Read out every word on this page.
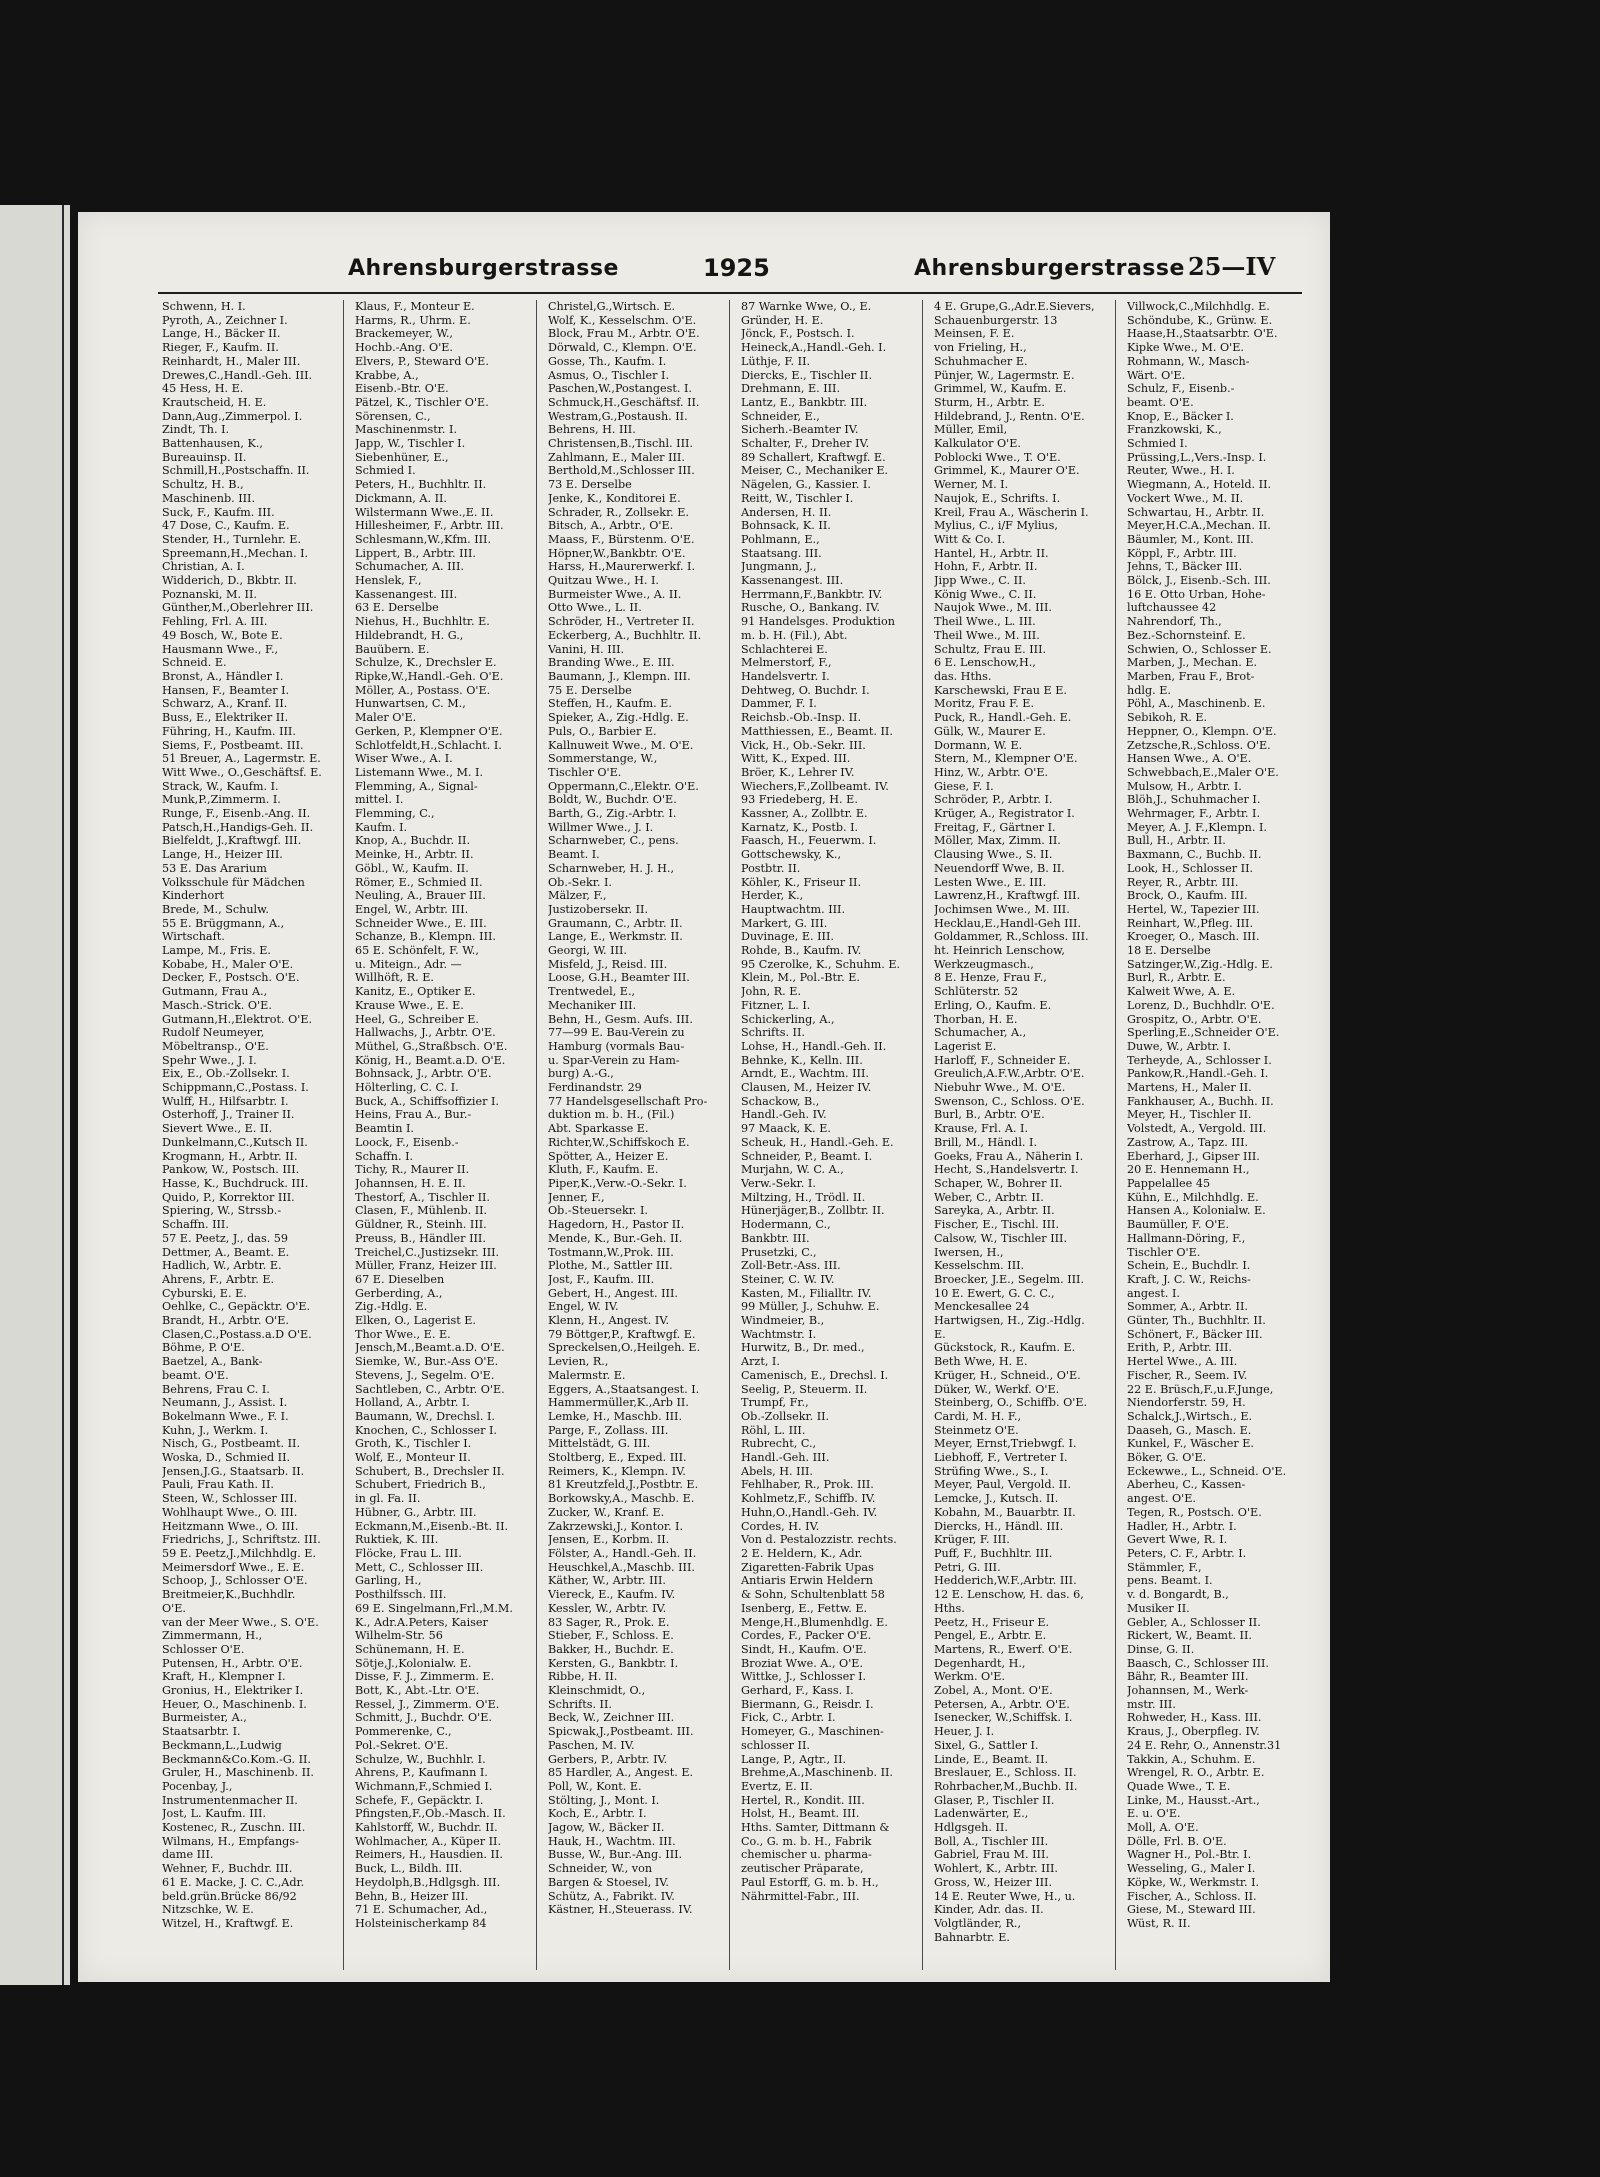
Ahrensburgerstrasse	1925	Ahrensburgerstrasse 25—IV
Schwenn, H. I.
Pyroth, A., Zeichner I.
Lange, H., Bäcker II.
Rieger, F., Kaufm. II.
Reinhardt, H., Maler III.
Drewes,C.,Handl.-Geh. III.
45 Hess, H. E.
Krautscheid, H. E.
Dann,Aug.,Zimmerpol. I.
Zindt, Th. I.
Battenhausen, K.,
Bureauinsp. II.
Schmill,H.,Postschaffn. II.
Schultz, H. B.,
Maschinenb. III.
Suck, F., Kaufm. III.
47 Dose, C., Kaufm. E.
Stender, H., Turnlehr. E.
Spreemann,H.,Mechan. I.
Christian, A. I.
Widderich, D., Bkbtr. II.
Poznanski, M. II.
Günther,M.,Oberlehrer III.
Fehling, Frl. A. III.
49 Bosch, W., Bote E.
Hausmann Wwe., F.,
Schneid. E.
Bronst, A., Händler I.
Hansen, F., Beamter I.
Schwarz, A., Kranf. II.
Buss, E., Elektriker II.
Führing, H., Kaufm. III.
Siems, F., Postbeamt. III.
51 Breuer, A., Lagermstr. E.
Witt Wwe., O.,Geschäftsf. E.
Strack, W., Kaufm. I.
Munk,P.,Zimmerm. I.
Runge, F., Eisenb.-Ang. II.
Patsch,H.,Handigs-Geh. II.
Bielfeldt, J.,Kraftwgf. III.
Lange, H., Heizer III.
53 E. Das Ararium
Volksschule für Mädchen
Kinderhort
Brede, M., Schulw.
55 E. Brüggmann, A.,
Wirtschaft.
Lampe, M., Fris. E.
Kobabe, H., Maler O'E.
Decker, F., Postsch. O'E.
Gutmann, Frau A.,
Masch.-Strick. O'E.
Gutmann,H.,Elektrot. O'E.
Rudolf Neumeyer,
Möbeltransp., O'E.
Spehr Wwe., J. I.
Eix, E., Ob.-Zollsekr. I.
Schippmann,C.,Postass. I.
Wulff, H., Hilfsarbtr. I.
Osterhoff, J., Trainer II.
Sievert Wwe., E. II.
Dunkelmann,C.,Kutsch II.
Krogmann, H., Arbtr. II.
Pankow, W., Postsch. III.
Hasse, K., Buchdruck. III.
Quido, P., Korrektor III.
Spiering, W., Strssb.-
Schaffn. III.
57 E. Peetz, J., das. 59
Dettmer, A., Beamt. E.
Hadlich, W., Arbtr. E.
Ahrens, F., Arbtr. E.
Cyburski, E. E.
Oehlke, C., Gepäcktr. O'E.
Brandt, H., Arbtr. O'E.
Clasen,C.,Postass.a.D O'E.
Böhme, P. O'E.
Baetzel, A., Bank-
beamt. O'E.
Behrens, Frau C. I.
Neumann, J., Assist. I.
Bokelmann Wwe., F. I.
Kuhn, J., Werkm. I.
Nisch, G., Postbeamt. II.
Woska, D., Schmied II.
Jensen,J.G., Staatsarb. II.
Pauli, Frau Kath. II.
Steen, W., Schlosser III.
Wohlhaupt Wwe., O. III.
Heitzmann Wwe., O. III.
Friedrichs, J., Schriftstz. III.
59 E. Peetz,J.,Milchhdlg. E.
Meimersdorf Wwe., E. E.
Schoop, J., Schlosser O'E.
Breitmeier,K.,Buchhdlr.
O'E.
van der Meer Wwe., S. O'E.
Zimmermann, H.,
Schlosser O'E.
Putensen, H., Arbtr. O'E.
Kraft, H., Klempner I.
Gronius, H., Elektriker I.
Heuer, O., Maschinenb. I.
Burmeister, A.,
Staatsarbtr. I.
Beckmann,L.,Ludwig
Beckmann&Co.Kom.-G. II.
Gruler, H., Maschinenb. II.
Pocenbay, J.,
Instrumentenmacher II.
Jost, L. Kaufm. III.
Kostenec, R., Zuschn. III.
Wilmans, H., Empfangs-
dame III.
Wehner, F., Buchdr. III.
61 E. Macke, J. C. C.,Adr.
beld.grün.Brücke 86/92
Nitzschke, W. E.
Witzel, H., Kraftwgf. E.
Klaus, F., Monteur E.
Harms, R., Uhrm. E.
Brackemeyer, W.,
Hochb.-Ang. O'E.
Elvers, P., Steward O'E.
Krabbe, A.,
Eisenb.-Btr. O'E.
Pätzel, K., Tischler O'E.
Sörensen, C.,
Maschinenmstr. I.
Japp, W., Tischler I.
Siebenhüner, E.,
Schmied I.
Peters, H., Buchhltr. II.
Dickmann, A. II.
Wilstermann Wwe.,E. II.
Hillesheimer, F., Arbtr. III.
Schlesmann,W.,Kfm. III.
Lippert, B., Arbtr. III.
Schumacher, A. III.
Henslek, F.,
Kassenangest. III.
63 E. Derselbe
Niehus, H., Buchhltr. E.
Hildebrandt, H. G.,
Bauübern. E.
Schulze, K., Drechsler E.
Ripke,W.,Handl.-Geh. O'E.
Möller, A., Postass. O'E.
Hunwartsen, C. M.,
Maler O'E.
Gerken, P., Klempner O'E.
Schlotfeldt,H.,Schlacht. I.
Wiser Wwe., A. I.
Listemann Wwe., M. I.
Flemming, A., Signal-
mittel. I.
Flemming, C.,
Kaufm. I.
Knop, A., Buchdr. II.
Meinke, H., Arbtr. II.
Göbl., W., Kaufm. II.
Römer, E., Schmied II.
Neuling, A., Brauer III.
Engel, W., Arbtr. III.
Schneider Wwe., E. III.
Schanze, B., Klempn. III.
65 E. Schönfelt, F. W.,
u. Miteign., Adr. —
Willhöft, R. E.
Kanitz, E., Optiker E.
Krause Wwe., E. E.
Heel, G., Schreiber E.
Hallwachs, J., Arbtr. O'E.
Müthel, G.,Straßbsch. O'E.
König, H., Beamt.a.D. O'E.
Bohnsack, J., Arbtr. O'E.
Hölterling, C. C. I.
Buck, A., Schiffsoffizier I.
Heins, Frau A., Bur.-
Beamtin I.
Loock, F., Eisenb.-
Schaffn. I.
Tichy, R., Maurer II.
Johannsen, H. E. II.
Thestorf, A., Tischler II.
Clasen, F., Mühlenb. II.
Güldner, R., Steinh. III.
Preuss, B., Händler III.
Treichel,C.,Justizsekr. III.
Müller, Franz, Heizer III.
67 E. Dieselben
Gerberding, A.,
Zig.-Hdlg. E.
Elken, O., Lagerist E.
Thor Wwe., E. E.
Jensch,M.,Beamt.a.D. O'E.
Siemke, W., Bur.-Ass O'E.
Stevens, J., Segelm. O'E.
Sachtleben, C., Arbtr. O'E.
Holland, A., Arbtr. I.
Baumann, W., Drechsl. I.
Knochen, C., Schlosser I.
Groth, K., Tischler I.
Wolf, E., Monteur II.
Schubert, B., Drechsler II.
Schubert, Friedrich B.,
in gl. Fa. II.
Hübner, G., Arbtr. III.
Eckmann,M.,Eisenb.-Bt. II.
Ruktiek, K. III.
Flöcke, Frau L. III.
Mett, C., Schlosser III.
Garling, H.,
Posthilfssch. III.
69 E. Singelmann,Frl.,M.M.
K., Adr.A.Peters, Kaiser
Wilhelm-Str. 56
Schünemann, H. E.
Sötje,J.,Kolonialw. E.
Disse, F. J., Zimmerm. E.
Bott, K., Abt.-Ltr. O'E.
Ressel, J., Zimmerm. O'E.
Schmitt, J., Buchdr. O'E.
Pommerenke, C.,
Pol.-Sekret. O'E.
Schulze, W., Buchhlr. I.
Ahrens, P., Kaufmann I.
Wichmann,F.,Schmied I.
Schefe, F., Gepäcktr. I.
Pfingsten,F.,Ob.-Masch. II.
Kahlstorff, W., Buchdr. II.
Wohlmacher, A., Küper II.
Reimers, H., Hausdien. II.
Buck, L., Bildh. III.
Heydolph,B.,Hdlgsgh. III.
Behn, B., Heizer III.
71 E. Schumacher, Ad.,
Holsteinischerkamp 84
Christel,G.,Wirtsch. E.
Wolf, K., Kesselschm. O'E.
Block, Frau M., Arbtr. O'E.
Dörwald, C., Klempn. O'E.
Gosse, Th., Kaufm. I.
Asmus, O., Tischler I.
Paschen,W.,Postangest. I.
Schmuck,H.,Geschäftsf. II.
Westram,G.,Postaush. II.
Behrens, H. III.
Christensen,B.,Tischl. III.
Zahlmann, E., Maler III.
Berthold,M.,Schlosser III.
73 E. Derselbe
Jenke, K., Konditorei E.
Schrader, R., Zollsekr. E.
Bitsch, A., Arbtr., O'E.
Maass, F., Bürstenm. O'E.
Höpner,W.,Bankbtr. O'E.
Harss, H.,Maurerwerkf. I.
Quitzau Wwe., H. I.
Burmeister Wwe., A. II.
Otto Wwe., L. II.
Schröder, H., Vertreter II.
Eckerberg, A., Buchhltr. II.
Vanini, H. III.
Branding Wwe., E. III.
Baumann, J., Klempn. III.
75 E. Derselbe
Steffen, H., Kaufm. E.
Spieker, A., Zig.-Hdlg. E.
Puls, O., Barbier E.
Kallnuweit Wwe., M. O'E.
Sommerstange, W.,
Tischler O'E.
Oppermann,C.,Elektr. O'E.
Boldt, W., Buchdr. O'E.
Barth, G., Zig.-Arbtr. I.
Willmer Wwe., J. I.
Scharnweber, C., pens.
Beamt. I.
Scharnweber, H. J. H.,
Ob.-Sekr. I.
Mälzer, F.,
Justizobersekr. II.
Graumann, C., Arbtr. II.
Lange, E., Werkmstr. II.
Georgi, W. III.
Misfeld, J., Reisd. III.
Loose, G.H., Beamter III.
Trentwedel, E.,
Mechaniker III.
Behn, H., Gesm. Aufs. III.
77—99 E. Bau-Verein zu
Hamburg (vormals Bau-
u. Spar-Verein zu Ham-
burg) A.-G.,
Ferdinandstr. 29
77 Handelsgesellschaft Pro-
duktion m. b. H., (Fil.)
Abt. Sparkasse E.
Richter,W.,Schiffskoch E.
Spötter, A., Heizer E.
Kluth, F., Kaufm. E.
Piper,K.,Verw.-O.-Sekr. I.
Jenner, F.,
Ob.-Steuersekr. I.
Hagedorn, H., Pastor II.
Mende, K., Bur.-Geh. II.
Tostmann,W.,Prok. III.
Plothe, M., Sattler III.
Jost, F., Kaufm. III.
Gebert, H., Angest. III.
Engel, W. IV.
Klenn, H., Angest. IV.
79 Böttger,P., Kraftwgf. E.
Spreckelsen,O.,Heilgeh. E.
Levien, R.,
Malermstr. E.
Eggers, A.,Staatsangest. I.
Hammermüller,K.,Arb II.
Lemke, H., Maschb. III.
Parge, F., Zollass. III.
Mittelstädt, G. III.
Stoltberg, E., Exped. III.
Reimers, K., Klempn. IV.
81 Kreutzfeld,J.,Postbtr. E.
Borkowsky,A., Maschb. E.
Zucker, W., Kranf. E.
Zakrzewski,J., Kontor. I.
Jensen, E., Korbm. II.
Fölster, A., Handl.-Geh. II.
Heuschkel,A.,Maschb. III.
Käther, W., Arbtr. III.
Viereck, E., Kaufm. IV.
Kessler, W., Arbtr. IV.
83 Sager, R., Prok. E.
Stieber, F., Schloss. E.
Bakker, H., Buchdr. E.
Kersten, G., Bankbtr. I.
Ribbe, H. II.
Kleinschmidt, O.,
Schrifts. II.
Beck, W., Zeichner III.
Spicwak,J.,Postbeamt. III.
Paschen, M. IV.
Gerbers, P., Arbtr. IV.
85 Hardler, A., Angest. E.
Poll, W., Kont. E.
Stölting, J., Mont. I.
Koch, E., Arbtr. I.
Jagow, W., Bäcker II.
Hauk, H., Wachtm. III.
Busse, W., Bur.-Ang. III.
Schneider, W., von
Bargen & Stoesel, IV.
Schütz, A., Fabrikt. IV.
Kästner, H.,Steuerass. IV.
87 Warnke Wwe, O., E.
Gründer, H. E.
Jönck, F., Postsch. I.
Heineck,A.,Handl.-Geh. I.
Lüthje, F. II.
Diercks, E., Tischler II.
Drehmann, E. III.
Lantz, E., Bankbtr. III.
Schneider, E.,
Sicherh.-Beamter IV.
Schalter, F., Dreher IV.
89 Schallert, Kraftwgf. E.
Meiser, C., Mechaniker E.
Nägelen, G., Kassier. I.
Reitt, W., Tischler I.
Andersen, H. II.
Bohnsack, K. II.
Pohlmann, E.,
Staatsang. III.
Jungmann, J.,
Kassenangest. III.
Herrmann,F.,Bankbtr. IV.
Rusche, O., Bankang. IV.
91 Handelsges. Produktion
m. b. H. (Fil.), Abt.
Schlachterei E.
Melmerstorf, F.,
Handelsvertr. I.
Dehtweg, O. Buchdr. I.
Dammer, F. I.
Reichsb.-Ob.-Insp. II.
Matthiessen, E., Beamt. II.
Vick, H., Ob.-Sekr. III.
Witt, K., Exped. III.
Bröer, K., Lehrer IV.
Wiechers,F.,Zollbeamt. IV.
93 Friedeberg, H. E.
Kassner, A., Zollbtr. E.
Karnatz, K., Postb. I.
Faasch, H., Feuerwm. I.
Gottschewsky, K.,
Postbtr. II.
Köhler, K., Friseur II.
Herder, K.,
Hauptwachtm. III.
Markert, G. III.
Duvinage, E. III.
Rohde, B., Kaufm. IV.
95 Czerolke, K., Schuhm. E.
Klein, M., Pol.-Btr. E.
John, R. E.
Fitzner, L. I.
Schickerling, A.,
Schrifts. II.
Lohse, H., Handl.-Geh. II.
Behnke, K., Kelln. III.
Arndt, E., Wachtm. III.
Clausen, M., Heizer IV.
Schackow, B.,
Handl.-Geh. IV.
97 Maack, K. E.
Scheuk, H., Handl.-Geh. E.
Schneider, P., Beamt. I.
Murjahn, W. C. A.,
Verw.-Sekr. I.
Miltzing, H., Trödl. II.
Hünerjäger,B., Zollbtr. II.
Hodermann, C.,
Bankbtr. III.
Prusetzki, C.,
Zoll-Betr.-Ass. III.
Steiner, C. W. IV.
Kasten, M., Filialltr. IV.
99 Müller, J., Schuhw. E.
Windmeier, B.,
Wachtmstr. I.
Hurwitz, B., Dr. med.,
Arzt, I.
Camenisch, E., Drechsl. I.
Seelig, P., Steuerm. II.
Trumpf, Fr.,
Ob.-Zollsekr. II.
Röhl, L. III.
Rubrecht, C.,
Handl.-Geh. III.
Abels, H. III.
Fehlhaber, R., Prok. III.
Kohlmetz,F., Schiffb. IV.
Huhn,O.,Handl.-Geh. IV.
Cordes, H. IV.
Von d. Pestalozzistr. rechts.
2 E. Heldern, K., Adr.
Zigaretten-Fabrik Upas
Antiaris Erwin Heldern
& Sohn, Schultenblatt 58
Isenberg, E., Fettw. E.
Menge,H.,Blumenhdlg. E.
Cordes, F., Packer O'E.
Sindt, H., Kaufm. O'E.
Broziat Wwe. A., O'E.
Wittke, J., Schlosser I.
Gerhard, F., Kass. I.
Biermann, G., Reisdr. I.
Fick, C., Arbtr. I.
Homeyer, G., Maschinen-
schlosser II.
Lange, P., Agtr., II.
Brehme,A.,Maschinenb. II.
Evertz, E. II.
Hertel, R., Kondit. III.
Holst, H., Beamt. III.
Hths. Samter, Dittmann &
Co., G. m. b. H., Fabrik
chemischer u. pharma-
zeutischer Präparate,
Paul Estorff, G. m. b. H.,
Nährmittel-Fabr., III.
4 E. Grupe,G.,Adr.E.Sievers,
Schauenburgerstr. 13
Meinsen, F. E.
von Frieling, H.,
Schuhmacher E.
Pünjer, W., Lagermstr. E.
Grimmel, W., Kaufm. E.
Sturm, H., Arbtr. E.
Hildebrand, J., Rentn. O'E.
Müller, Emil,
Kalkulator O'E.
Poblocki Wwe., T. O'E.
Grimmel, K., Maurer O'E.
Werner, M. I.
Naujok, E., Schrifts. I.
Kreil, Frau A., Wäscherin I.
Mylius, C., i/F Mylius,
Witt & Co. I.
Hantel, H., Arbtr. II.
Hohn, F., Arbtr. II.
Jipp Wwe., C. II.
König Wwe., C. II.
Naujok Wwe., M. III.
Theil Wwe., L. III.
Theil Wwe., M. III.
Schultz, Frau E. III.
6 E. Lenschow,H.,
das. Hths.
Karschewski, Frau E E.
Moritz, Frau F. E.
Puck, R., Handl.-Geh. E.
Gülk, W., Maurer E.
Dormann, W. E.
Stern, M., Klempner O'E.
Hinz, W., Arbtr. O'E.
Giese, F. I.
Schröder, P., Arbtr. I.
Krüger, A., Registrator I.
Freitag, F., Gärtner I.
Möller, Max, Zimm. II.
Clausing Wwe., S. II.
Neuendorff Wwe, B. II.
Lesten Wwe., E. III.
Lawrenz,H., Kraftwgf. III.
Jochimsen Wwe., M. III.
Hecklau,E.,Handl-Geh III.
Goldammer, R.,Schloss. III.
ht. Heinrich Lenschow,
Werkzeugmasch.,
8 E. Henze, Frau F.,
Schlüterstr. 52
Erling, O., Kaufm. E.
Thorban, H. E.
Schumacher, A.,
Lagerist E.
Harloff, F., Schneider E.
Greulich,A.F.W.,Arbtr. O'E.
Niebuhr Wwe., M. O'E.
Swenson, C., Schloss. O'E.
Burl, B., Arbtr. O'E.
Krause, Frl. A. I.
Brill, M., Händl. I.
Goeks, Frau A., Näherin I.
Hecht, S.,Handelsvertr. I.
Schaper, W., Bohrer II.
Weber, C., Arbtr. II.
Sareyka, A., Arbtr. II.
Fischer, E., Tischl. III.
Calsow, W., Tischler III.
Iwersen, H.,
Kesselschm. III.
Broecker, J.E., Segelm. III.
10 E. Ewert, G. C. C.,
Menckesallee 24
Hartwigsen, H., Zig.-Hdlg.
E.
Gückstock, R., Kaufm. E.
Beth Wwe, H. E.
Krüger, H., Schneid., O'E.
Düker, W., Werkf. O'E.
Steinberg, O., Schiffb. O'E.
Cardi, M. H. F.,
Steinmetz O'E.
Meyer, Ernst,Triebwgf. I.
Liebhoff, F., Vertreter I.
Strüfing Wwe., S., I.
Meyer, Paul, Vergold. II.
Lemcke, J., Kutsch. II.
Kobahn, M., Bauarbtr. II.
Diercks, H., Händl. III.
Krüger, F. III.
Puff, F., Buchhltr. III.
Petri, G. III.
Hedderich,W.F.,Arbtr. III.
12 E. Lenschow, H. das. 6,
Hths.
Peetz, H., Friseur E.
Pengel, E., Arbtr. E.
Martens, R., Ewerf. O'E.
Degenhardt, H.,
Werkm. O'E.
Zobel, A., Mont. O'E.
Petersen, A., Arbtr. O'E.
Isenecker, W.,Schiffsk. I.
Heuer, J. I.
Sixel, G., Sattler I.
Linde, E., Beamt. II.
Breslauer, E., Schloss. II.
Rohrbacher,M.,Buchb. II.
Glaser, P., Tischler II.
Ladenwärter, E.,
Hdlgsgeh. II.
Boll, A., Tischler III.
Gabriel, Frau M. III.
Wohlert, K., Arbtr. III.
Gross, W., Heizer III.
14 E. Reuter Wwe, H., u.
Kinder, Adr. das. II.
Volgtländer, R.,
Bahnarbtr. E.
Villwock,C.,Milchhdlg. E.
Schöndube, K., Grünw. E.
Haase,H.,Staatsarbtr. O'E.
Kipke Wwe., M. O'E.
Rohmann, W., Masch-
Wärt. O'E.
Schulz, F., Eisenb.-
beamt. O'E.
Knop, E., Bäcker I.
Franzkowski, K.,
Schmied I.
Prüssing,L.,Vers.-Insp. I.
Reuter, Wwe., H. I.
Wiegmann, A., Hoteld. II.
Vockert Wwe., M. II.
Schwartau, H., Arbtr. II.
Meyer,H.C.A.,Mechan. II.
Bäumler, M., Kont. III.
Köppl, F., Arbtr. III.
Jehns, T., Bäcker III.
Bölck, J., Eisenb.-Sch. III.
16 E. Otto Urban, Hohe-
luftchaussee 42
Nahrendorf, Th.,
Bez.-Schornsteinf. E.
Schwien, O., Schlosser E.
Marben, J., Mechan. E.
Marben, Frau F., Brot-
hdlg. E.
Pöhl, A., Maschinenb. E.
Sebikoh, R. E.
Heppner, O., Klempn. O'E.
Zetzsche,R.,Schloss. O'E.
Hansen Wwe., A. O'E.
Schwebbach,E.,Maler O'E.
Mulsow, H., Arbtr. I.
Blöh,J., Schuhmacher I.
Wehrmager, F., Arbtr. I.
Meyer, A. J. F.,Klempn. I.
Bull, H., Arbtr. II.
Baxmann, C., Buchb. II.
Look, H., Schlosser II.
Reyer, R., Arbtr. III.
Brock, O., Kaufm. III.
Hertel, W., Tapezier III.
Reinhart, W.,Pfleg. III.
Kroeger, O., Masch. III.
18 E. Derselbe
Satzinger,W.,Zig.-Hdlg. E.
Burl, R., Arbtr. E.
Kalweit Wwe, A. E.
Lorenz, D., Buchhdlr. O'E.
Grospitz, O., Arbtr. O'E.
Sperling,E.,Schneider O'E.
Duwe, W., Arbtr. I.
Terheyde, A., Schlosser I.
Pankow,R.,Handl.-Geh. I.
Martens, H., Maler II.
Fankhauser, A., Buchh. II.
Meyer, H., Tischler II.
Volstedt, A., Vergold. III.
Zastrow, A., Tapz. III.
Eberhard, J., Gipser III.
20 E. Hennemann H.,
Pappelallee 45
Kühn, E., Milchhdlg. E.
Hansen A., Kolonialw. E.
Baumüller, F. O'E.
Hallmann-Döring, F.,
Tischler O'E.
Schein, E., Buchdlr. I.
Kraft, J. C. W., Reichs-
angest. I.
Sommer, A., Arbtr. II.
Günter, Th., Buchhltr. II.
Schönert, F., Bäcker III.
Erith, P., Arbtr. III.
Hertel Wwe., A. III.
Fischer, R., Seem. IV.
22 E. Brüsch,F.,u.F.Junge,
Niendorferstr. 59, H.
Schalck,J.,Wirtsch., E.
Daaseh, G., Masch. E.
Kunkel, F., Wäscher E.
Böker, G. O'E.
Eckewwe., L., Schneid. O'E.
Aberheu, C., Kassen-
angest. O'E.
Tegen, R., Postsch. O'E.
Hadler, H., Arbtr. I.
Gevert Wwe, R. I.
Peters, C. F., Arbtr. I.
Stämmler, F.,
pens. Beamt. I.
v. d. Bongardt, B.,
Musiker II.
Gebler, A., Schlosser II.
Rickert, W., Beamt. II.
Dinse, G. II.
Baasch, C., Schlosser III.
Bähr, R., Beamter III.
Johannsen, M., Werk-
mstr. III.
Rohweder, H., Kass. III.
Kraus, J., Oberpfleg. IV.
24 E. Rehr, O., Annenstr.31
Takkin, A., Schuhm. E.
Wrengel, R. O., Arbtr. E.
Quade Wwe., T. E.
Linke, M., Hausst.-Art.,
E. u. O'E.
Moll, A. O'E.
Dölle, Frl. B. O'E.
Wagner H., Pol.-Btr. I.
Wesseling, G., Maler I.
Köpke, W., Werkmstr. I.
Fischer, A., Schloss. II.
Giese, M., Steward III.
Wüst, R. II.
